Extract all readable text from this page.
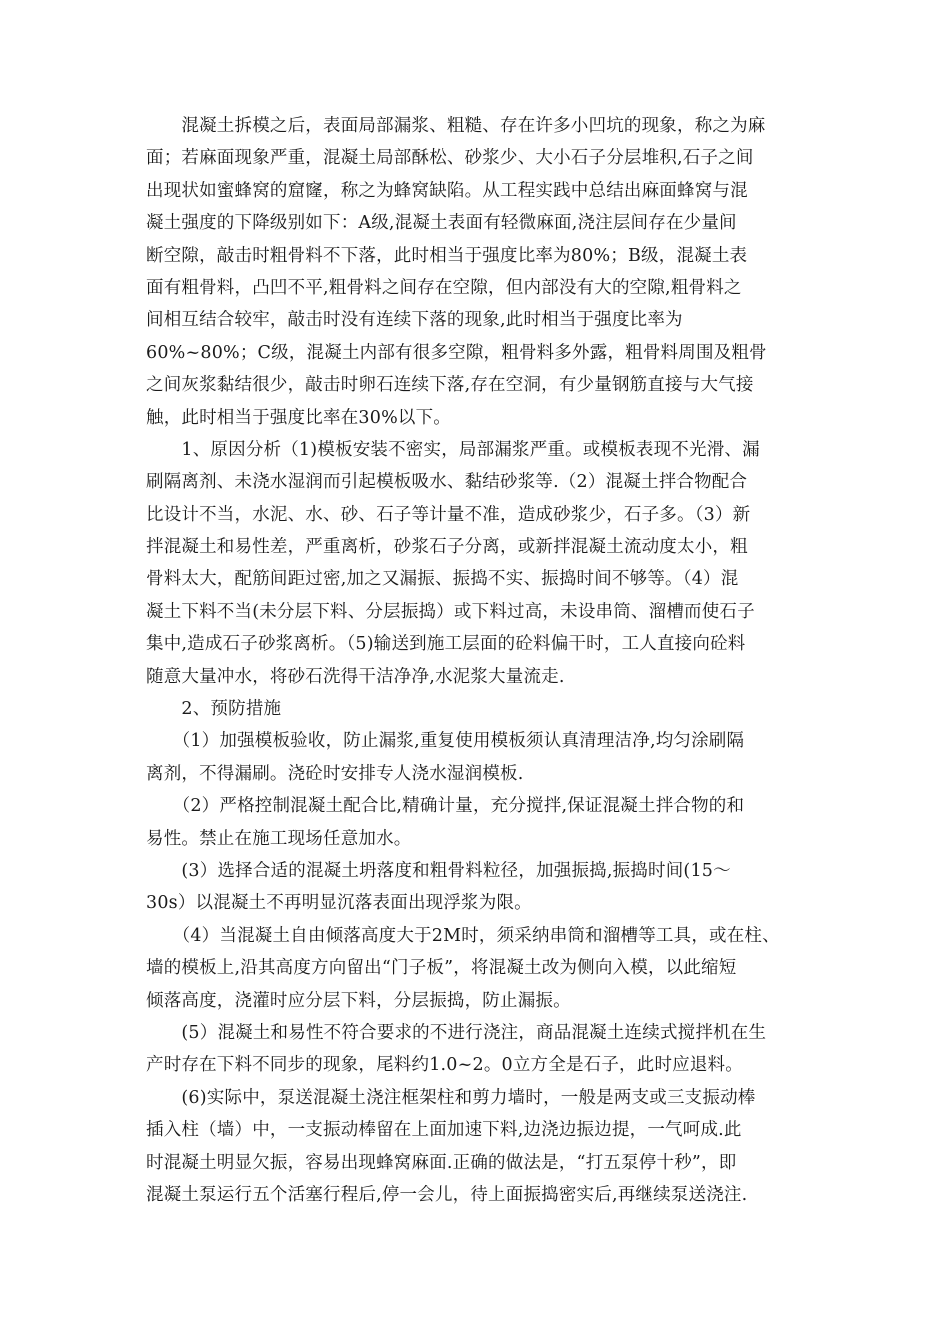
　　混凝土拆模之后，表面局部漏浆、粗糙、存在许多小凹坑的现象，称之为麻
面；若麻面现象严重，混凝土局部酥松、砂浆少、大小石子分层堆积,石子之间
出现状如蜜蜂窝的窟窿，称之为蜂窝缺陷。从工程实践中总结出麻面蜂窝与混
凝土强度的下降级别如下：A级,混凝土表面有轻微麻面,浇注层间存在少量间
断空隙，敲击时粗骨料不下落，此时相当于强度比率为80%；B级，混凝土表
面有粗骨料，凸凹不平,粗骨料之间存在空隙，但内部没有大的空隙,粗骨料之
间相互结合较牢，敲击时没有连续下落的现象,此时相当于强度比率为
60%~80%；C级，混凝土内部有很多空隙，粗骨料多外露，粗骨料周围及粗骨
之间灰浆黏结很少，敲击时卵石连续下落,存在空洞，有少量钢筋直接与大气接
触，此时相当于强度比率在30%以下。
　　1、原因分析（1)模板安装不密实，局部漏浆严重。或模板表现不光滑、漏
刷隔离剂、未浇水湿润而引起模板吸水、黏结砂浆等.（2）混凝土拌合物配合
比设计不当，水泥、水、砂、石子等计量不准，造成砂浆少，石子多。（3）新
拌混凝土和易性差，严重离析，砂浆石子分离，或新拌混凝土流动度太小，粗
骨料太大，配筋间距过密,加之又漏振、振捣不实、振捣时间不够等。（4）混
凝土下料不当(未分层下料、分层振捣）或下料过高，未设串筒、溜槽而使石子
集中,造成石子砂浆离析。（5)输送到施工层面的砼料偏干时，工人直接向砼料
随意大量冲水，将砂石洗得干洁净净,水泥浆大量流走.
　　2、预防措施
　　（1）加强模板验收，防止漏浆,重复使用模板须认真清理洁净,均匀涂刷隔
离剂，不得漏刷。浇砼时安排专人浇水湿润模板.
　　（2）严格控制混凝土配合比,精确计量，充分搅拌,保证混凝土拌合物的和
易性。禁止在施工现场任意加水。
　　(3）选择合适的混凝土坍落度和粗骨料粒径，加强振捣,振捣时间(15～
30s）以混凝土不再明显沉落表面出现浮浆为限。
　　（4）当混凝土自由倾落高度大于2M时，须采纳串筒和溜槽等工具，或在柱、
墙的模板上,沿其高度方向留出“门子板”，将混凝土改为侧向入模，以此缩短
倾落高度，浇灌时应分层下料，分层振捣，防止漏振。
　　(5）混凝土和易性不符合要求的不进行浇注，商品混凝土连续式搅拌机在生
产时存在下料不同步的现象，尾料约1.0~2。0立方全是石子，此时应退料。
　　(6)实际中，泵送混凝土浇注框架柱和剪力墙时，一般是两支或三支振动棒
插入柱（墙）中，一支振动棒留在上面加速下料,边浇边振边提，一气呵成.此
时混凝土明显欠振，容易出现蜂窝麻面.正确的做法是，“打五泵停十秒”，即
混凝土泵运行五个活塞行程后,停一会儿，待上面振捣密实后,再继续泵送浇注.
